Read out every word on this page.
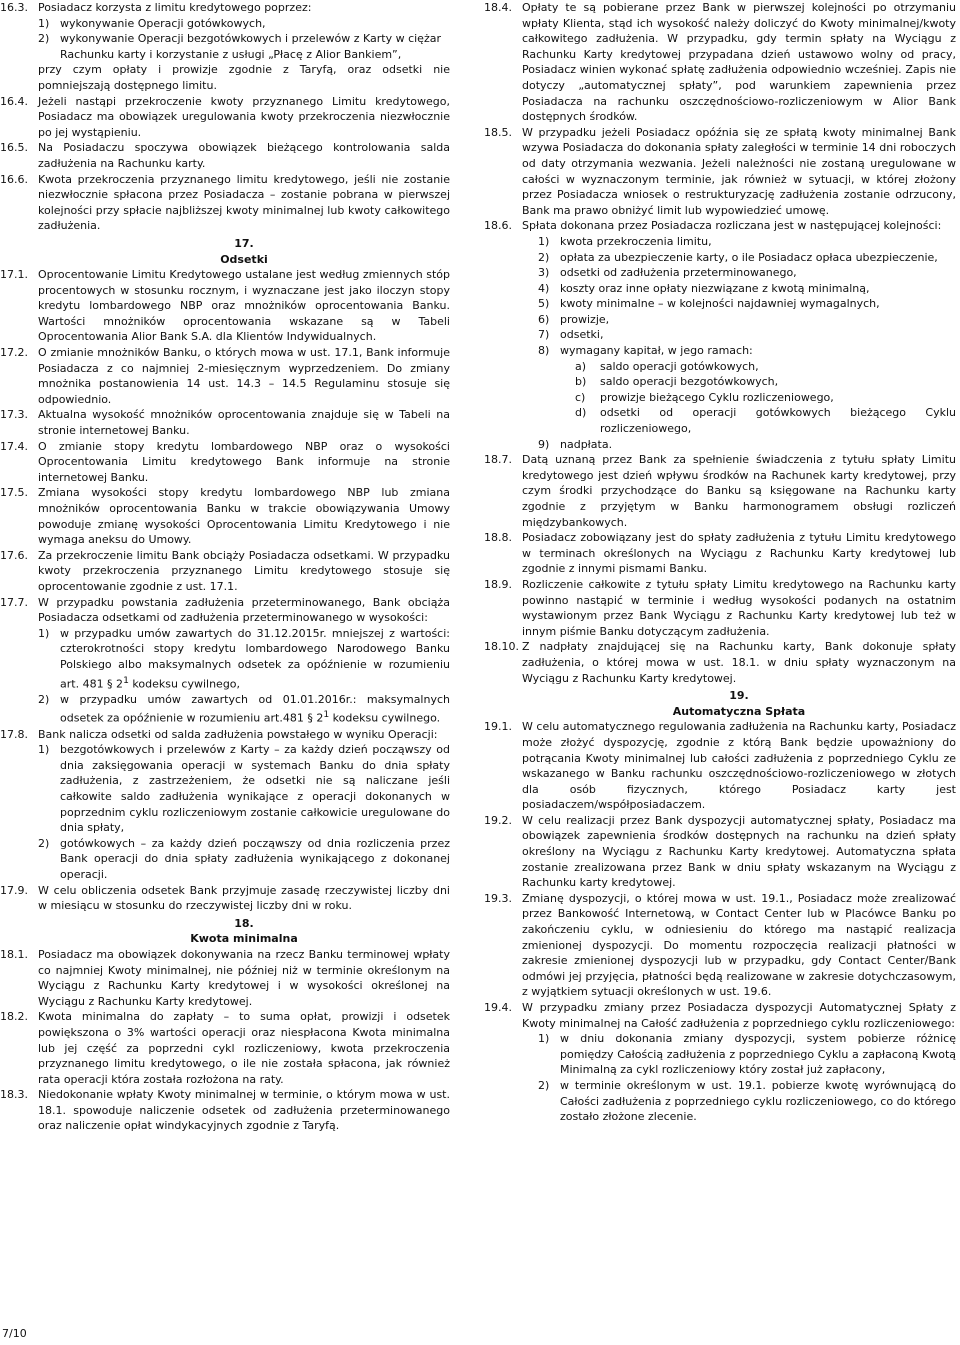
16.3. Posiadacz korzysta z limitu kredytowego poprzez:
1) wykonywanie Operacji gotówkowych,
2) wykonywanie Operacji bezgotówkowych i przelewów z Karty w ciężar Rachunku karty i korzystanie z usługi „Płacę z Alior Bankiem”,
przy czym opłaty i prowizje zgodnie z Taryfą, oraz odsetki nie pomniejszają dostępnego limitu.
16.4. Jeżeli nastąpi przekroczenie kwoty przyznanego Limitu kredytowego, Posiadacz ma obowiązek uregulowania kwoty przekroczenia niezwłocznie po jej wystąpieniu.
16.5. Na Posiadaczu spoczywa obowiązek bieżącego kontrolowania salda zadłużenia na Rachunku karty.
16.6. Kwota przekroczenia przyznanego limitu kredytowego, jeśli nie zostanie niezwłocznie spłacona przez Posiadacza – zostanie pobrana w pierwszej kolejności przy spłacie najbliższej kwoty minimalnej lub kwoty całkowitego zadłużenia.
17.
Odsetki
17.1. Oprocentowanie Limitu Kredytowego ustalane jest według zmiennych stóp procentowych w stosunku rocznym, i wyznaczane jest jako iloczyn stopy kredytu lombardowego NBP oraz mnożników oprocentowania Banku. Wartości mnożników oprocentowania wskazane są w Tabeli Oprocentowania Alior Bank S.A. dla Klientów Indywidualnych.
17.2. O zmianie mnożników Banku, o których mowa w ust. 17.1, Bank informuje Posiadacza z co najmniej 2-miesięcznym wyprzedzeniem. Do zmiany mnożnika postanowienia 14 ust. 14.3 – 14.5 Regulaminu stosuje się odpowiednio.
17.3. Aktualna wysokość mnożników oprocentowania znajduje się w Tabeli na stronie internetowej Banku.
17.4. O zmianie stopy kredytu lombardowego NBP oraz o wysokości Oprocentowania Limitu kredytowego Bank informuje na stronie internetowej Banku.
17.5. Zmiana wysokości stopy kredytu lombardowego NBP lub zmiana mnożników oprocentowania Banku w trakcie obowiązywania Umowy powoduje zmianę wysokości Oprocentowania Limitu Kredytowego i nie wymaga aneksu do Umowy.
17.6. Za przekroczenie limitu Bank obciąży Posiadacza odsetkami. W przypadku kwoty przekroczenia przyznanego Limitu kredytowego stosuje się oprocentowanie zgodnie z ust. 17.1.
17.7. W przypadku powstania zadłużenia przeterminowanego, Bank obciąża Posiadacza odsetkami od zadłużenia przeterminowanego w wysokości:
1) w przypadku umów zawartych do 31.12.2015r. mniejszej z wartości: czterokrotności stopy kredytu lombardowego Narodowego Banku Polskiego albo maksymalnych odsetek za opóźnienie w rozumieniu art. 481 § $2^1$ kodeksu cywilnego,
2) w przypadku umów zawartych od 01.01.2016r.: maksymalnych odsetek za opóźnienie w rozumieniu art.481 § $2^1$ kodeksu cywilnego.
17.8. Bank nalicza odsetki od salda zadłużenia powstałego w wyniku Operacji:
1) bezgotówkowych i przelewów z Karty – za każdy dzień począwszy od dnia zaksięgowania operacji w systemach Banku do dnia spłaty zadłużenia, z zastrzeżeniem, że odsetki nie są naliczane jeśli całkowite saldo zadłużenia wynikające z operacji dokonanych w poprzednim cyklu rozliczeniowym zostanie całkowicie uregulowane do dnia spłaty,
2) gotówkowych – za każdy dzień począwszy od dnia rozliczenia przez Bank operacji do dnia spłaty zadłużenia wynikającego z dokonanej operacji.
17.9. W celu obliczenia odsetek Bank przyjmuje zasadę rzeczywistej liczby dni w miesiącu w stosunku do rzeczywistej liczby dni w roku.
18.
Kwota minimalna
18.1. Posiadacz ma obowiązek dokonywania na rzecz Banku terminowej wpłaty co najmniej Kwoty minimalnej, nie później niż w terminie określonym na Wyciągu z Rachunku Karty kredytowej i w wysokości określonej na Wyciągu z Rachunku Karty kredytowej.
18.2. Kwota minimalna do zapłaty – to suma opłat, prowizji i odsetek powiększona o 3% wartości operacji oraz niespłacona Kwota minimalna lub jej część za poprzedni cykl rozliczeniowy, kwota przekroczenia przyznanego limitu kredytowego, o ile nie została spłacona, jak również rata operacji która została rozłożona na raty.
18.3. Niedokonanie wpłaty Kwoty minimalnej w terminie, o którym mowa w ust. 18.1. spowoduje naliczenie odsetek od zadłużenia przeterminowanego oraz naliczenie opłat windykacyjnych zgodnie z Taryfą.
18.4. Opłaty te są pobierane przez Bank w pierwszej kolejności po otrzymaniu wpłaty Klienta, stąd ich wysokość należy doliczyć do Kwoty minimalnej/kwoty całkowitego zadłużenia. W przypadku, gdy termin spłaty na Wyciągu z Rachunku Karty kredytowej przypadana dzień ustawowo wolny od pracy, Posiadacz winien wykonać spłatę zadłużenia odpowiednio wcześniej. Zapis nie dotyczy „automatycznej spłaty”, pod warunkiem zapewnienia przez Posiadacza na rachunku oszczędnościowo-rozliczeniowym w Alior Bank dostępnych środków.
18.5. W przypadku jeżeli Posiadacz opóźnia się ze spłatą kwoty minimalnej Bank wzywa Posiadacza do dokonania spłaty zaległości w terminie 14 dni roboczych od daty otrzymania wezwania. Jeżeli należności nie zostaną uregulowane w całości w wyznaczonym terminie, jak również w sytuacji, w której złożony przez Posiadacza wniosek o restrukturyzację zadłużenia zostanie odrzucony, Bank ma prawo obniżyć limit lub wypowiedzieć umowę.
18.6. Spłata dokonana przez Posiadacza rozliczana jest w następującej kolejności:
1) kwota przekroczenia limitu,
2) opłata za ubezpieczenie karty, o ile Posiadacz opłaca ubezpieczenie,
3) odsetki od zadłużenia przeterminowanego,
4) koszty oraz inne opłaty niezwiązane z kwotą minimalną,
5) kwoty minimalne – w kolejności najdawniej wymagalnych,
6) prowizje,
7) odsetki,
8) wymagany kapitał, w jego ramach:
a)	saldo operacji gotówkowych,
b)	saldo operacji bezgotówkowych,
c)	prowizje bieżącego Cyklu rozliczeniowego,
d)	odsetki od operacji gotówkowych bieżącego Cyklu rozliczeniowego,
9) nadpłata.
18.7. Datą uznaną przez Bank za spełnienie świadczenia z tytułu spłaty Limitu kredytowego jest dzień wpływu środków na Rachunek karty kredytowej, przy czym środki przychodzące do Banku są księgowane na Rachunku karty zgodnie z przyjętym w Banku harmonogramem obsługi rozliczeń międzybankowych.
18.8. Posiadacz zobowiązany jest do spłaty zadłużenia z tytułu Limitu kredytowego w terminach określonych na Wyciągu z Rachunku Karty kredytowej lub zgodnie z innymi pismami Banku.
18.9. Rozliczenie całkowite z tytułu spłaty Limitu kredytowego na Rachunku karty powinno nastąpić w terminie i według wysokości podanych na ostatnim wystawionym przez Bank Wyciągu z Rachunku Karty kredytowej lub też w innym piśmie Banku dotyczącym zadłużenia.
18.10. Z nadpłaty znajdującej się na Rachunku karty, Bank dokonuje spłaty zadłużenia, o której mowa w ust. 18.1. w dniu spłaty wyznaczonym na Wyciągu z Rachunku Karty kredytowej.
19.
Automatyczna Spłata
19.1. W celu automatycznego regulowania zadłużenia na Rachunku karty, Posiadacz może złożyć dyspozycję, zgodnie z którą Bank będzie upoważniony do potrącania Kwoty minimalnej lub całości zadłużenia z poprzedniego Cyklu ze wskazanego w Banku rachunku oszczędnościowo-rozliczeniowego w złotych dla osób fizycznych, którego Posiadacz karty jest posiadaczem/współposiadaczem.
19.2. W celu realizacji przez Bank dyspozycji automatycznej spłaty, Posiadacz ma obowiązek zapewnienia środków dostępnych na rachunku na dzień spłaty określony na Wyciągu z Rachunku Karty kredytowej. Automatyczna spłata zostanie zrealizowana przez Bank w dniu spłaty wskazanym na Wyciągu z Rachunku karty kredytowej.
19.3. Zmianę dyspozycji, o której mowa w ust. 19.1., Posiadacz może zrealizować przez Bankowość Internetową, w Contact Center lub w Placówce Banku po zakończeniu cyklu, w odniesieniu do którego ma nastąpić realizacja zmienionej dyspozycji. Do momentu rozpoczęcia realizacji płatności w zakresie zmienionej dyspozycji lub w przypadku, gdy Contact Center/Bank odmówi jej przyjęcia, płatności będą realizowane w zakresie dotychczasowym, z wyjątkiem sytuacji określonych w ust. 19.6.
19.4. W przypadku zmiany przez Posiadacza dyspozycji Automatycznej Spłaty z Kwoty minimalnej na Całość zadłużenia z poprzedniego cyklu rozliczeniowego:
1) w dniu dokonania zmiany dyspozycji, system pobierze różnicę pomiędzy Całością zadłużenia z poprzedniego Cyklu a zapłaconą Kwotą Minimalną za cykl rozliczeniowy który został już zapłacony,
2) w terminie określonym w ust. 19.1. pobierze kwotę wyrównującą do Całości zadłużenia z poprzedniego cyklu rozliczeniowego, co do którego zostało złożone zlecenie.
7/10
